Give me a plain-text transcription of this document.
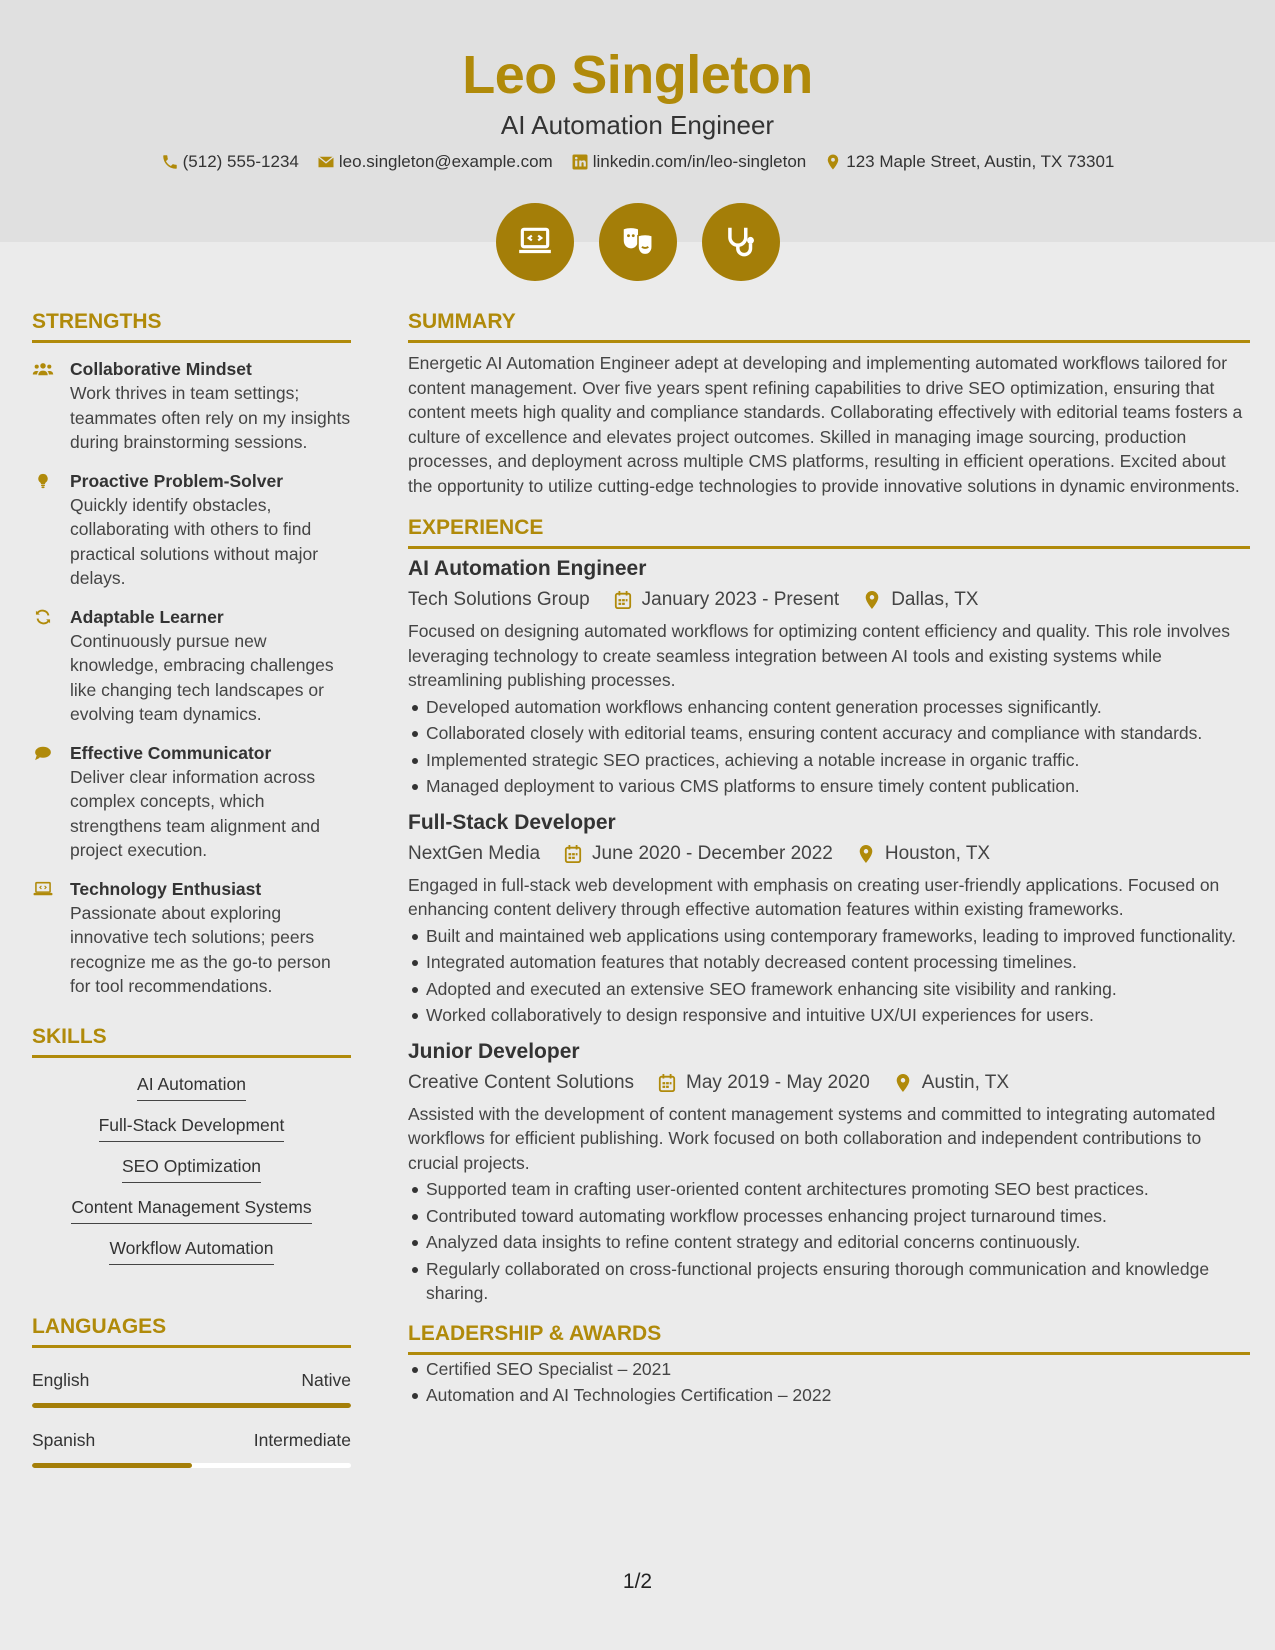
Leo Singleton
AI Automation Engineer
(512) 555-1234 leo.singleton@example.com linkedin.com/in/leo-singleton 123 Maple Street, Austin, TX 73301
STRENGTHS
Collaborative Mindset
Work thrives in team settings; teammates often rely on my insights during brainstorming sessions.
Proactive Problem-Solver
Quickly identify obstacles, collaborating with others to find practical solutions without major delays.
Adaptable Learner
Continuously pursue new knowledge, embracing challenges like changing tech landscapes or evolving team dynamics.
Effective Communicator
Deliver clear information across complex concepts, which strengthens team alignment and project execution.
Technology Enthusiast
Passionate about exploring innovative tech solutions; peers recognize me as the go-to person for tool recommendations.
SKILLS
AI Automation
Full-Stack Development
SEO Optimization
Content Management Systems
Workflow Automation
LANGUAGES
English	Native
Spanish	Intermediate
SUMMARY
Energetic AI Automation Engineer adept at developing and implementing automated workflows tailored for content management. Over five years spent refining capabilities to drive SEO optimization, ensuring that content meets high quality and compliance standards. Collaborating effectively with editorial teams fosters a culture of excellence and elevates project outcomes. Skilled in managing image sourcing, production processes, and deployment across multiple CMS platforms, resulting in efficient operations. Excited about the opportunity to utilize cutting-edge technologies to provide innovative solutions in dynamic environments.
EXPERIENCE
AI Automation Engineer
Tech Solutions Group	January 2023 - Present	Dallas, TX
Focused on designing automated workflows for optimizing content efficiency and quality. This role involves leveraging technology to create seamless integration between AI tools and existing systems while streamlining publishing processes.
Developed automation workflows enhancing content generation processes significantly.
Collaborated closely with editorial teams, ensuring content accuracy and compliance with standards.
Implemented strategic SEO practices, achieving a notable increase in organic traffic.
Managed deployment to various CMS platforms to ensure timely content publication.
Full-Stack Developer
NextGen Media	June 2020 - December 2022	Houston, TX
Engaged in full-stack web development with emphasis on creating user-friendly applications. Focused on enhancing content delivery through effective automation features within existing frameworks.
Built and maintained web applications using contemporary frameworks, leading to improved functionality.
Integrated automation features that notably decreased content processing timelines.
Adopted and executed an extensive SEO framework enhancing site visibility and ranking.
Worked collaboratively to design responsive and intuitive UX/UI experiences for users.
Junior Developer
Creative Content Solutions	May 2019 - May 2020	Austin, TX
Assisted with the development of content management systems and committed to integrating automated workflows for efficient publishing. Work focused on both collaboration and independent contributions to crucial projects.
Supported team in crafting user-oriented content architectures promoting SEO best practices.
Contributed toward automating workflow processes enhancing project turnaround times.
Analyzed data insights to refine content strategy and editorial concerns continuously.
Regularly collaborated on cross-functional projects ensuring thorough communication and knowledge sharing.
LEADERSHIP & AWARDS
Certified SEO Specialist – 2021
Automation and AI Technologies Certification – 2022
1/2
